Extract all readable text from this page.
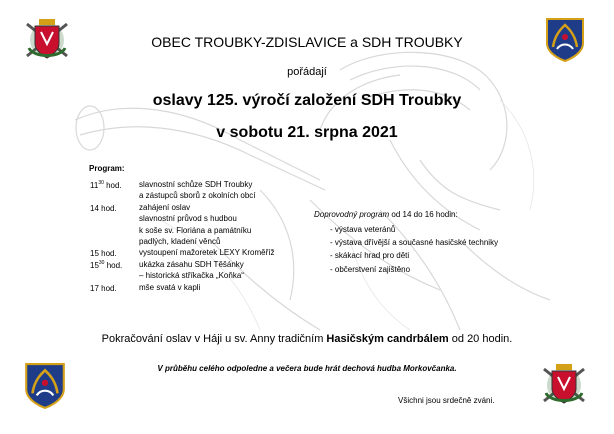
OBEC TROUBKY-ZDISLAVICE a SDH TROUBKY
pořádají
oslavy 125. výročí založení SDH Troubky
v sobotu 21. srpna 2021
Program:
$11^{30}$ hod. slavnostní schůze SDH Troubky
a zástupců sborů z okolních obcí
14 hod.	zahájení oslav
slavnostní průvod s hudbou
k soše sv. Floriána a památníku
padlých, kladení věnců
15 hod.	vystoupení mažoretek LEXY Kroměříž
$15^{30}$ hod. ukázka zásahu SDH Těšánky
– historická stříkačka „Koňka“
17 hod.	mše svatá v kapli
Doprovodný program od 14 do 16 hodin:
- výstava veteránů
- výstava dřívější a současné hasičské techniky
- skákací hrad pro děti
- občerstvení zajištěno
Pokračování oslav v Háji u sv. Anny tradičním Hasičským candrbálem od 20 hodin.
V průběhu celého odpoledne a večera bude hrát dechová hudba Morkovčanka.
Všichni jsou srdečně zváni.
